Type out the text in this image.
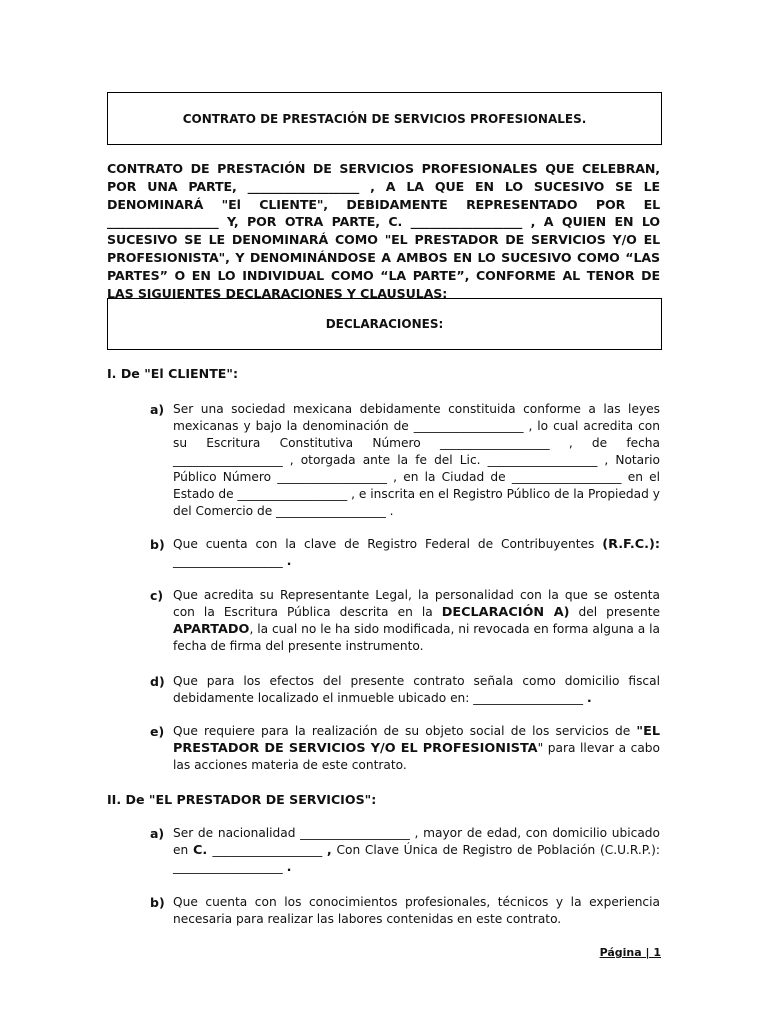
CONTRATO DE PRESTACIÓN DE SERVICIOS PROFESIONALES.
CONTRATO DE PRESTACIÓN DE SERVICIOS PROFESIONALES QUE CELEBRAN, POR UNA PARTE, __________________ , A LA QUE EN LO SUCESIVO SE LE DENOMINARÁ "El CLIENTE", DEBIDAMENTE REPRESENTADO POR EL __________________ Y, POR OTRA PARTE, C. __________________ , A QUIEN EN LO SUCESIVO SE LE DENOMINARÁ COMO "EL PRESTADOR DE SERVICIOS Y/O EL PROFESIONISTA", Y DENOMINÁNDOSE A AMBOS EN LO SUCESIVO COMO “LAS PARTES” O EN LO INDIVIDUAL COMO “LA PARTE”, CONFORME AL TENOR DE LAS SIGUIENTES DECLARACIONES Y CLAUSULAS:
DECLARACIONES:
I. De "El CLIENTE":
a) Ser una sociedad mexicana debidamente constituida conforme a las leyes mexicanas y bajo la denominación de __________________ , lo cual acredita con su Escritura Constitutiva Número __________________ , de fecha __________________ , otorgada ante la fe del Lic. __________________ , Notario Público Número __________________ , en la Ciudad de __________________ en el Estado de __________________ , e inscrita en el Registro Público de la Propiedad y del Comercio de __________________ .
b) Que cuenta con la clave de Registro Federal de Contribuyentes (R.F.C.): __________________ .
c) Que acredita su Representante Legal, la personalidad con la que se ostenta con la Escritura Pública descrita en la DECLARACIÓN A) del presente APARTADO, la cual no le ha sido modificada, ni revocada en forma alguna a la fecha de firma del presente instrumento.
d) Que para los efectos del presente contrato señala como domicilio fiscal debidamente localizado el inmueble ubicado en: __________________ .
e) Que requiere para la realización de su objeto social de los servicios de "EL PRESTADOR DE SERVICIOS Y/O EL PROFESIONISTA" para llevar a cabo las acciones materia de este contrato.
II. De "EL PRESTADOR DE SERVICIOS":
a) Ser de nacionalidad __________________ , mayor de edad, con domicilio ubicado en C. __________________ , Con Clave Única de Registro de Población (C.U.R.P.): __________________ .
b) Que cuenta con los conocimientos profesionales, técnicos y la experiencia necesaria para realizar las labores contenidas en este contrato.
Página | 1
